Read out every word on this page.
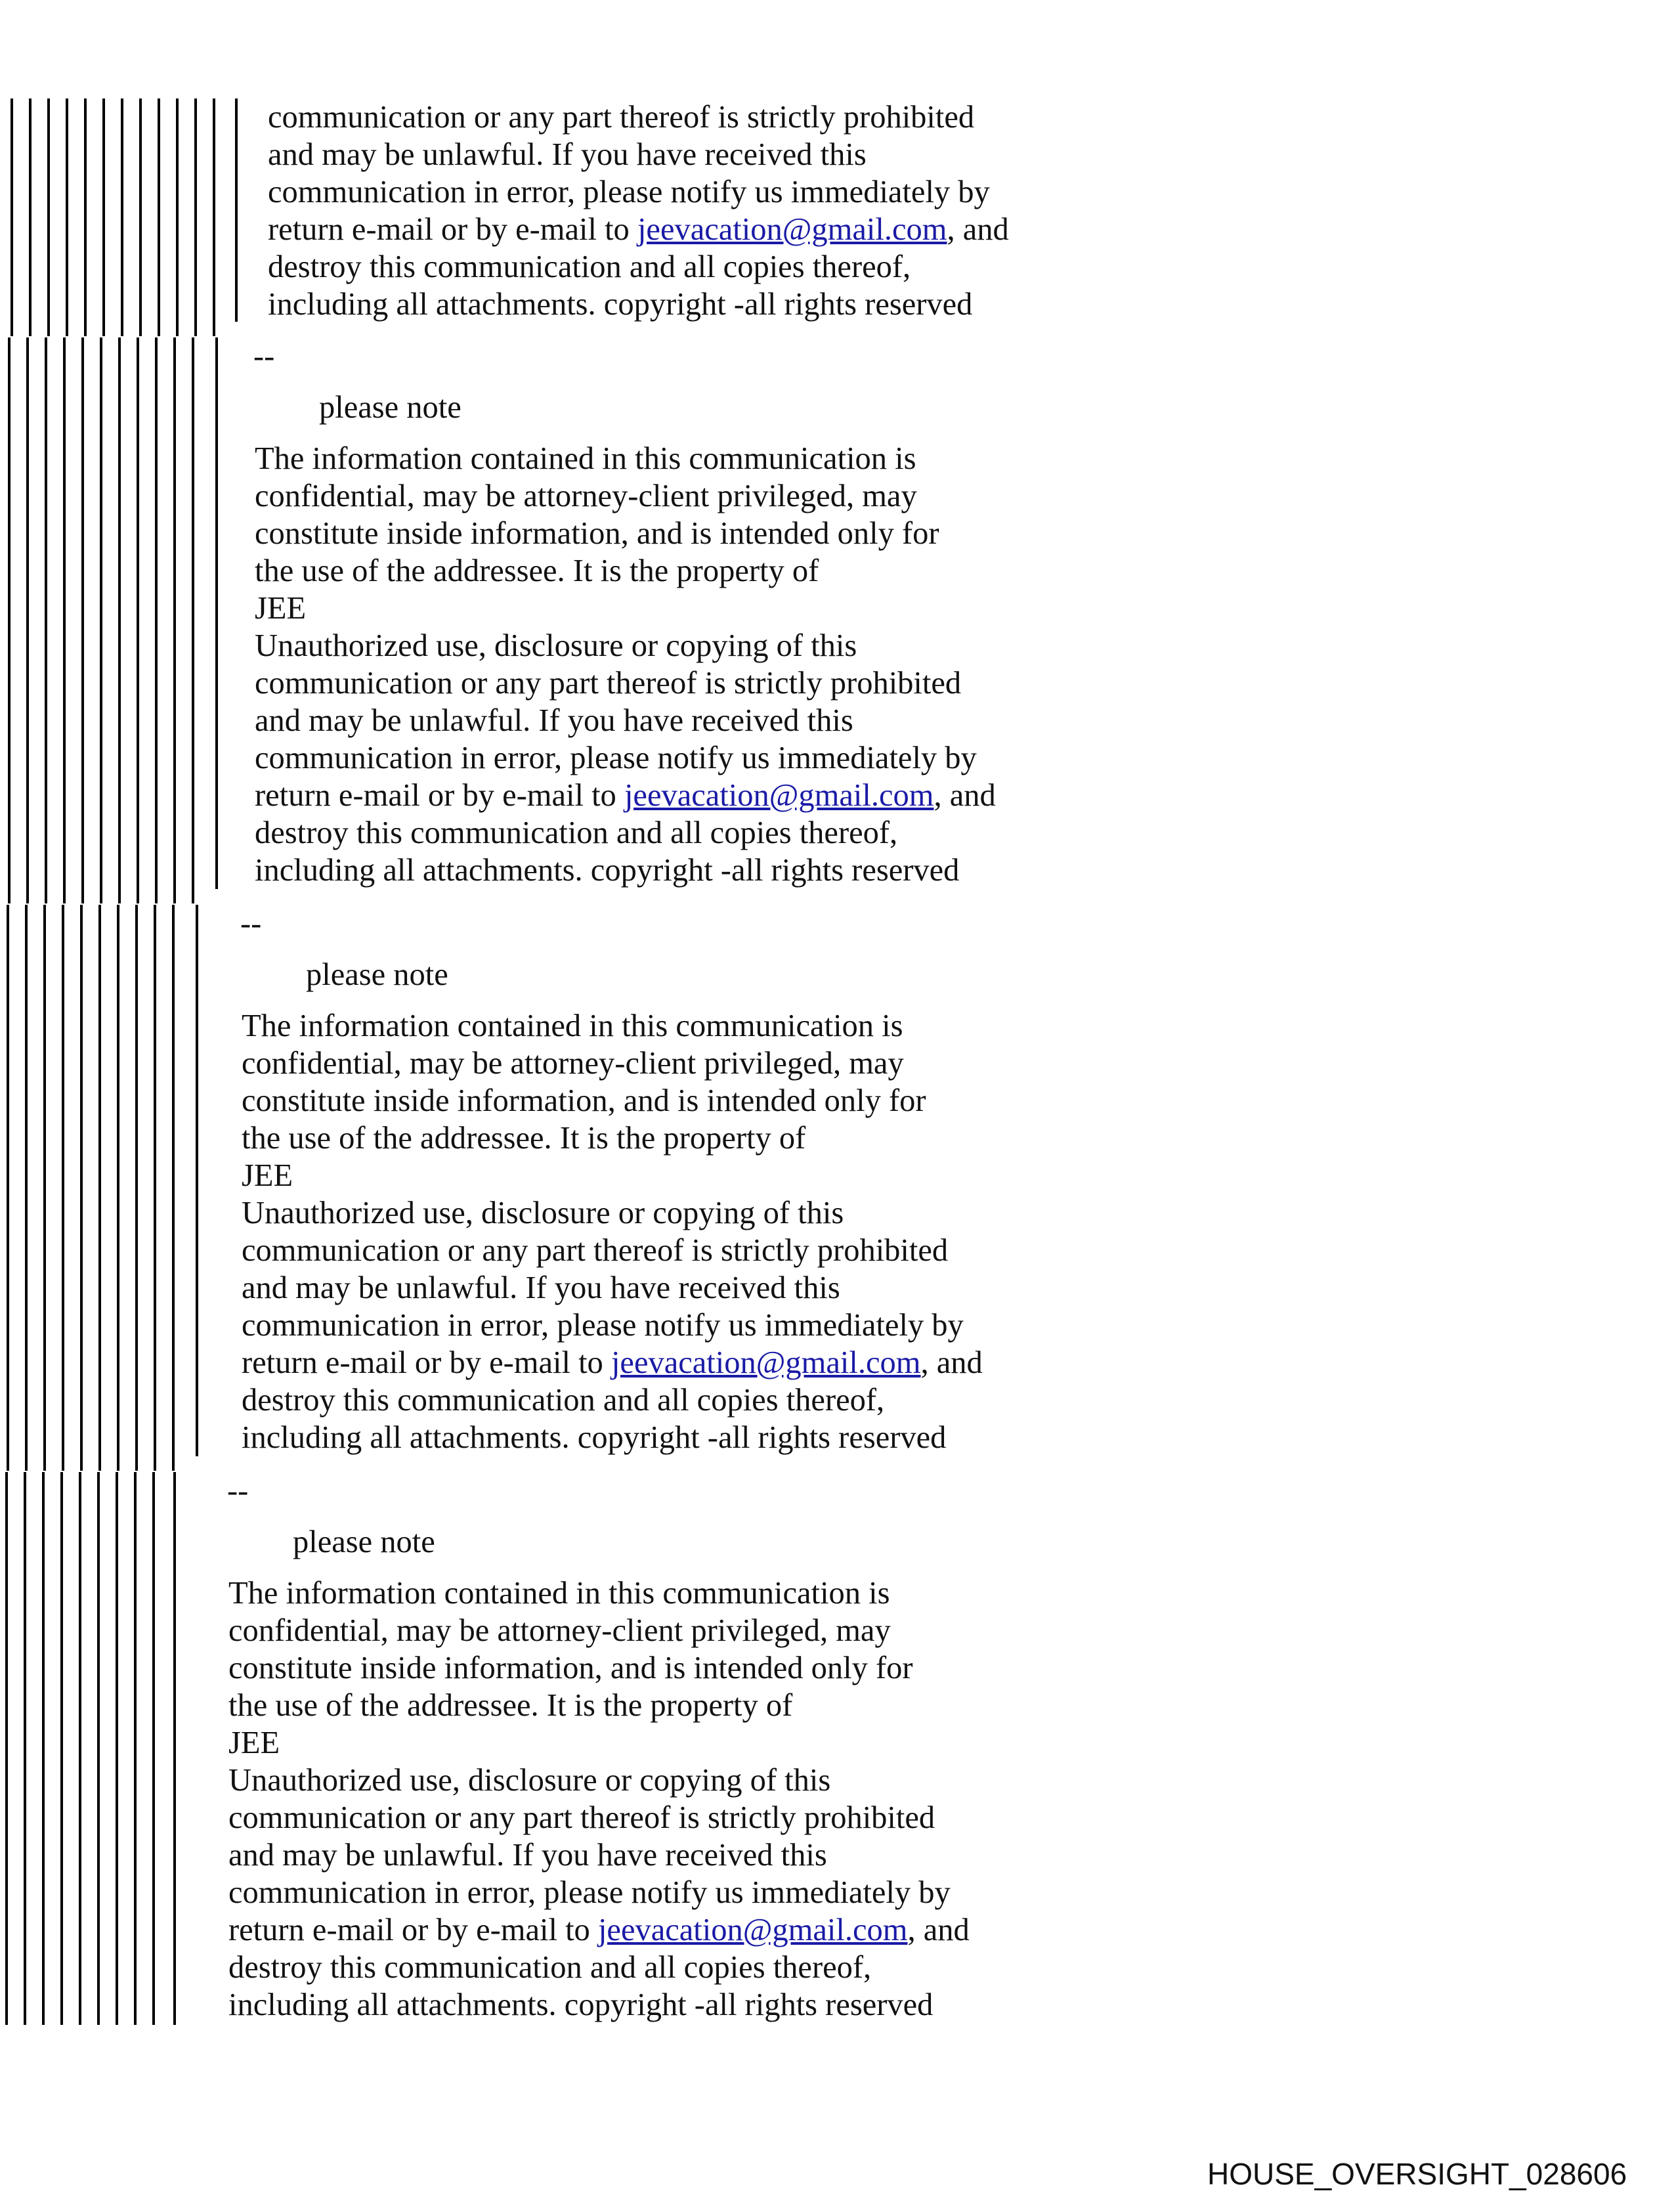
communication or any part thereof is strictly prohibited
and may be unlawful. If you have received this
communication in error, please notify us immediately by
return e-mail or by e-mail to jeevacation@gmail.com, and
destroy this communication and all copies thereof,
including all attachments. copyright -all rights reserved
--
please note
The information contained in this communication is
confidential, may be attorney-client privileged, may
constitute inside information, and is intended only for
the use of the addressee. It is the property of
JEE
Unauthorized use, disclosure or copying of this
communication or any part thereof is strictly prohibited
and may be unlawful. If you have received this
communication in error, please notify us immediately by
return e-mail or by e-mail to jeevacation@gmail.com, and
destroy this communication and all copies thereof,
including all attachments. copyright -all rights reserved
--
please note
The information contained in this communication is
confidential, may be attorney-client privileged, may
constitute inside information, and is intended only for
the use of the addressee. It is the property of
JEE
Unauthorized use, disclosure or copying of this
communication or any part thereof is strictly prohibited
and may be unlawful. If you have received this
communication in error, please notify us immediately by
return e-mail or by e-mail to jeevacation@gmail.com, and
destroy this communication and all copies thereof,
including all attachments. copyright -all rights reserved
--
please note
The information contained in this communication is
confidential, may be attorney-client privileged, may
constitute inside information, and is intended only for
the use of the addressee. It is the property of
JEE
Unauthorized use, disclosure or copying of this
communication or any part thereof is strictly prohibited
and may be unlawful. If you have received this
communication in error, please notify us immediately by
return e-mail or by e-mail to jeevacation@gmail.com, and
destroy this communication and all copies thereof,
including all attachments. copyright -all rights reserved
HOUSE_OVERSIGHT_028606
